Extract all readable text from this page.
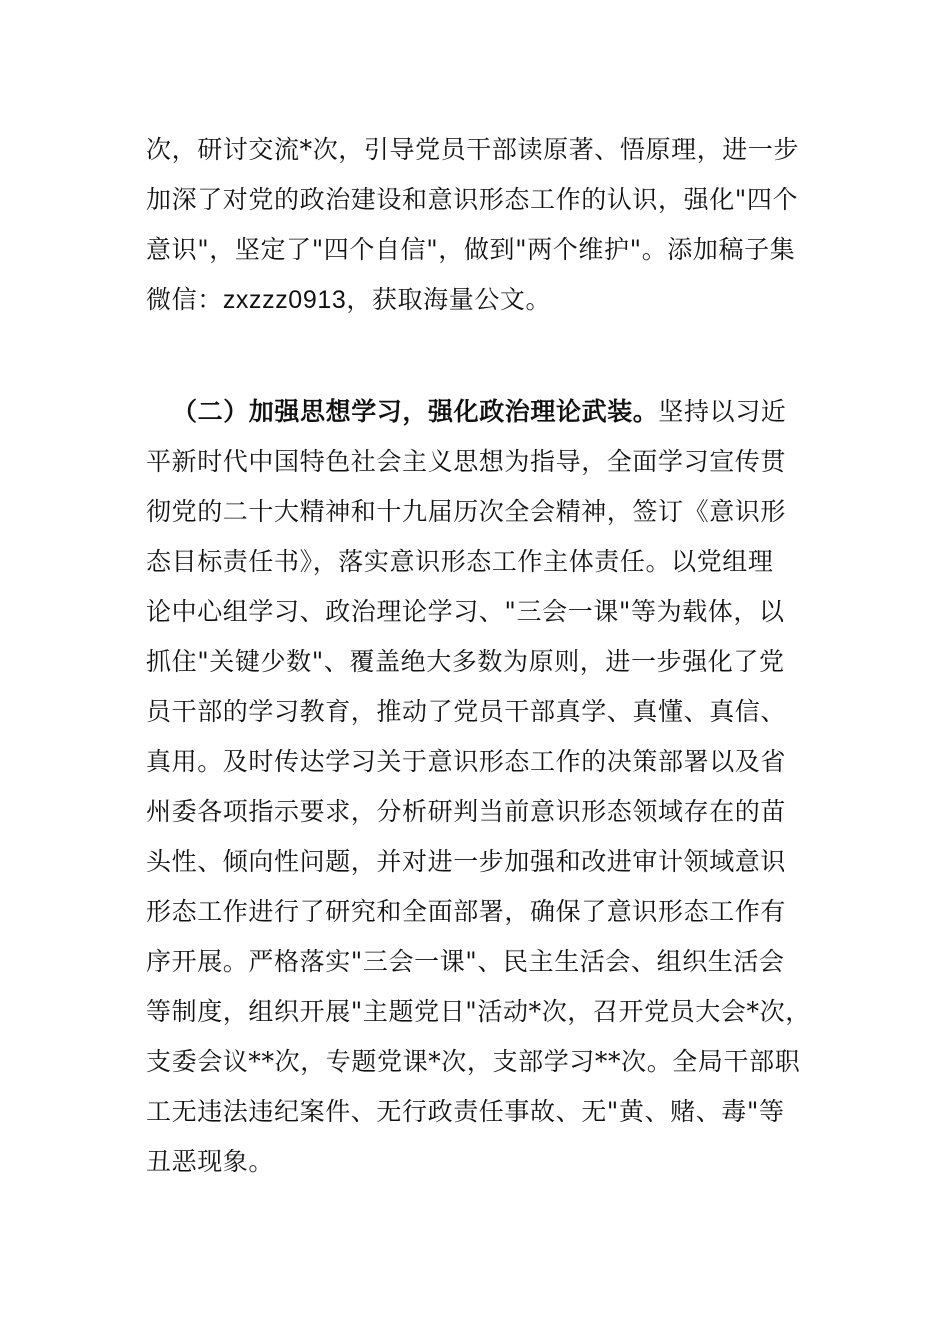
次，研讨交流*次，引导党员干部读原著、悟原理，进一步
加深了对党的政治建设和意识形态工作的认识，强化"四个
意识"，坚定了"四个自信"，做到"两个维护"。添加稿子集
微信：zxzzz0913，获取海量公文。
（二）加强思想学习，强化政治理论武装。坚持以习近
平新时代中国特色社会主义思想为指导，全面学习宣传贯
彻党的二十大精神和十九届历次全会精神，签订《意识形
态目标责任书》，落实意识形态工作主体责任。以党组理
论中心组学习、政治理论学习、"三会一课"等为载体，以
抓住"关键少数"、覆盖绝大多数为原则，进一步强化了党
员干部的学习教育，推动了党员干部真学、真懂、真信、
真用。及时传达学习关于意识形态工作的决策部署以及省
州委各项指示要求，分析研判当前意识形态领域存在的苗
头性、倾向性问题，并对进一步加强和改进审计领域意识
形态工作进行了研究和全面部署，确保了意识形态工作有
序开展。严格落实"三会一课"、民主生活会、组织生活会
等制度，组织开展"主题党日"活动*次，召开党员大会*次，
支委会议**次，专题党课*次，支部学习**次。全局干部职
工无违法违纪案件、无行政责任事故、无"黄、赌、毒"等
丑恶现象。
